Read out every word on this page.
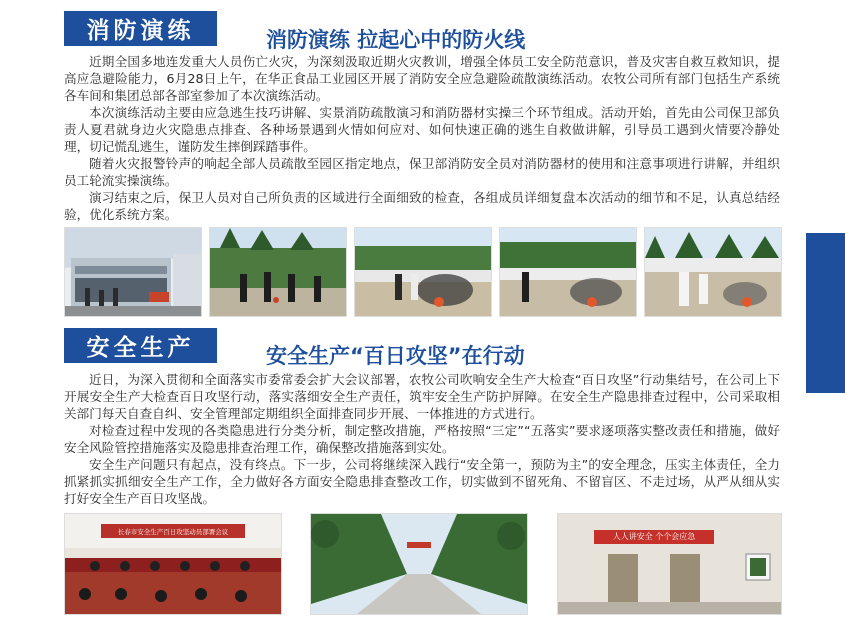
消防演练	消防演练 拉起心中的防火线

近期全国多地连发重大人员伤亡火灾，为深刻汲取近期火灾教训，增强全体员工安全防范意识，普及灾害自救互救知识，提高应急避险能力，6月28日上午，在华正食品工业园区开展了消防安全应急避险疏散演练活动。农牧公司所有部门包括生产系统各车间和集团总部各部室参加了本次演练活动。

本次演练活动主要由应急逃生技巧讲解、实景消防疏散演习和消防器材实操三个环节组成。活动开始，首先由公司保卫部负责人夏君就身边火灾隐患点排查、各种场景遇到火情如何应对、如何快速正确的逃生自救做讲解，引导员工遇到火情要冷静处理，切记慌乱逃生，谨防发生摔倒踩踏事件。

随着火灾报警铃声的响起全部人员疏散至园区指定地点，保卫部消防安全员对消防器材的使用和注意事项进行讲解，并组织员工轮流实操演练。

演习结束之后，保卫人员对自己所负责的区域进行全面细致的检查，各组成员详细复盘本次活动的细节和不足，认真总结经验，优化系统方案。

安全生产	安全生产“百日攻坚”在行动

近日，为深入贯彻和全面落实市委常委会扩大会议部署，农牧公司吹响安全生产大检查“百日攻坚”行动集结号，在公司上下开展安全生产大检查百日攻坚行动，落实落细安全生产责任，筑牢安全生产防护屏障。在安全生产隐患排查过程中，公司采取相关部门每天自查自纠、安全管理部定期组织全面排查同步开展、一体推进的方式进行。

对检查过程中发现的各类隐患进行分类分析，制定整改措施，严格按照“三定”“五落实”要求逐项落实整改责任和措施，做好安全风险管控措施落实及隐患排查治理工作，确保整改措施落到实处。

安全生产问题只有起点，没有终点。下一步，公司将继续深入践行“安全第一，预防为主”的安全理念，压实主体责任，全力抓紧抓实抓细安全生产工作，全力做好各方面安全隐患排查整改工作，切实做到不留死角、不留盲区、不走过场，从严从细从实打好安全生产百日攻坚战。

长春市安全生产百日攻坚动员部署会议	人人讲安全 个个会应急
